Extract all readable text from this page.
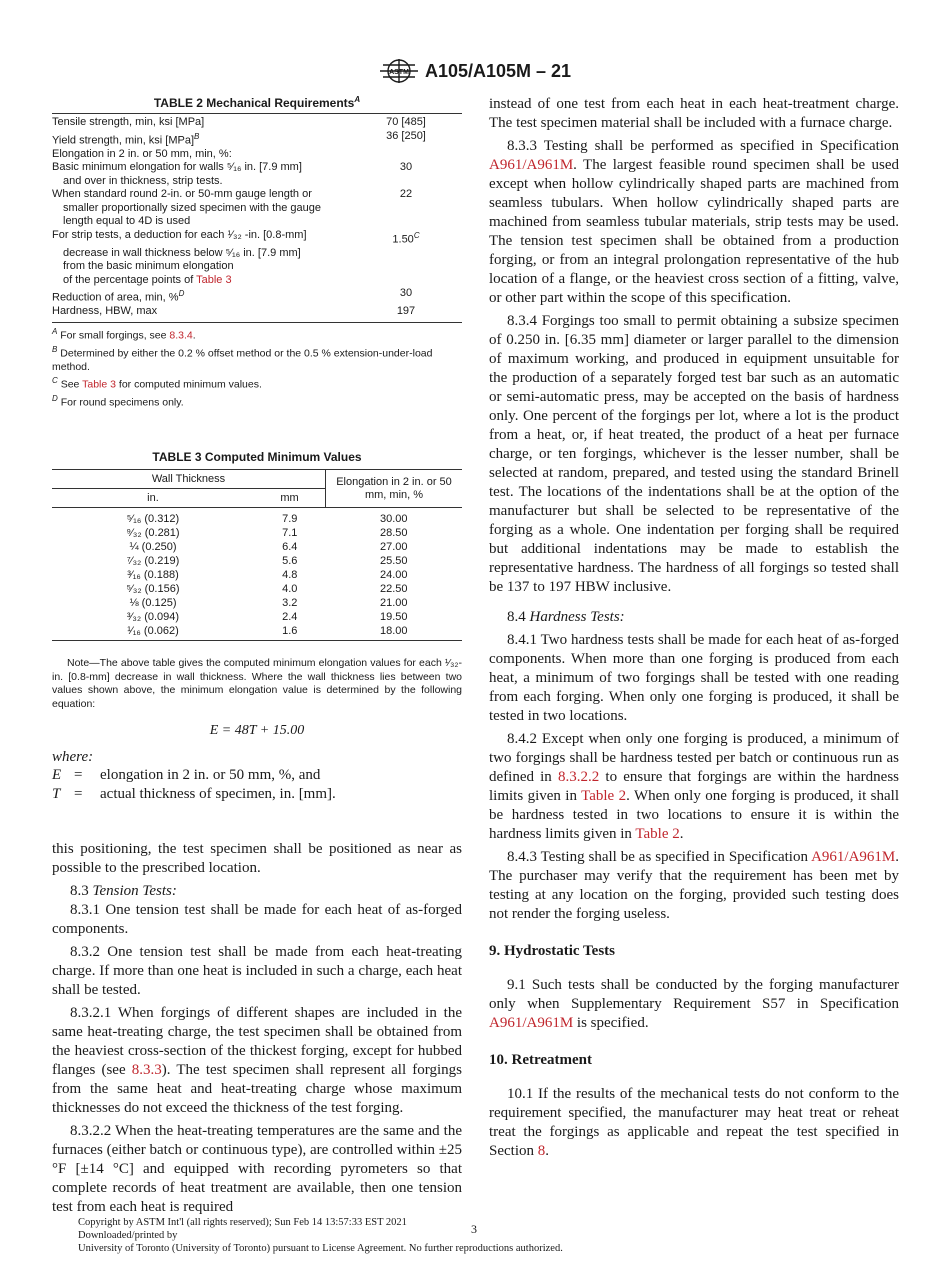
ASTM A105/A105M – 21
TABLE 2 Mechanical Requirements$^A$
Tensile strength, min, ksi [MPa]	70 [485]
Yield strength, min, ksi [MPa]$^B$	36 [250]
Elongation in 2 in. or 50 mm, min, %:
Basic minimum elongation for walls ⁵⁄₁₆ in. [7.9 mm]	30
and over in thickness, strip tests.
When standard round 2-in. or 50-mm gauge length or	22
smaller proportionally sized specimen with the gauge
length equal to 4D is used
For strip tests, a deduction for each ¹⁄₃₂ -in. [0.8-mm]	$1.50^C$
decrease in wall thickness below ⁵⁄₁₆ in. [7.9 mm]
from the basic minimum elongation
of the percentage points of Table 3
Reduction of area, min, %$^D$	30
Hardness, HBW, max	197
$^A$ For small forgings, see 8.3.4.
$^B$ Determined by either the 0.2 % offset method or the 0.5 % extension-under-load method.
$^C$ See Table 3 for computed minimum values.
$^D$ For round specimens only.
TABLE 3 Computed Minimum Values
Wall Thickness		Elongation in 2 in. or 50 mm, min, %
in.	mm	
⁵⁄₁₆ (0.312)	7.9	30.00
⁹⁄₃₂ (0.281)	7.1	28.50
¼ (0.250)	6.4	27.00
⁷⁄₃₂ (0.219)	5.6	25.50
³⁄₁₆ (0.188)	4.8	24.00
⁵⁄₃₂ (0.156)	4.0	22.50
⅛ (0.125)	3.2	21.00
³⁄₃₂ (0.094)	2.4	19.50
¹⁄₁₆ (0.062)	1.6	18.00
Note—The above table gives the computed minimum elongation values for each ¹⁄₃₂-in. [0.8-mm] decrease in wall thickness. Where the wall thickness lies between two values shown above, the minimum elongation value is determined by the following equation:
E = 48T + 15.00
where:
E =	elongation in 2 in. or 50 mm, %, and
T =	actual thickness of specimen, in. [mm].

this positioning, the test specimen shall be positioned as near as possible to the prescribed location.

8.3 Tension Tests:

8.3.1 One tension test shall be made for each heat of as-forged components.

8.3.2 One tension test shall be made from each heat-treating charge. If more than one heat is included in such a charge, each heat shall be tested.

8.3.2.1 When forgings of different shapes are included in the same heat-treating charge, the test specimen shall be obtained from the heaviest cross-section of the thickest forging, except for hubbed flanges (see 8.3.3). The test specimen shall represent all forgings from the same heat and heat-treating charge whose maximum thicknesses do not exceed the thickness of the test forging.

8.3.2.2 When the heat-treating temperatures are the same and the furnaces (either batch or continuous type), are controlled within ±25 °F [±14 °C] and equipped with recording pyrometers so that complete records of heat treatment are available, then one tension test from each heat is required

instead of one test from each heat in each heat-treatment charge. The test specimen material shall be included with a furnace charge.

8.3.3 Testing shall be performed as specified in Specification A961/A961M. The largest feasible round specimen shall be used except when hollow cylindrically shaped parts are machined from seamless tubulars. When hollow cylindrically shaped parts are machined from seamless tubular materials, strip tests may be used. The tension test specimen shall be obtained from a production forging, or from an integral prolongation representative of the hub location of a flange, or the heaviest cross section of a fitting, valve, or other part within the scope of this specification.

8.3.4 Forgings too small to permit obtaining a subsize specimen of 0.250 in. [6.35 mm] diameter or larger parallel to the dimension of maximum working, and produced in equipment unsuitable for the production of a separately forged test bar such as an automatic or semi-automatic press, may be accepted on the basis of hardness only. One percent of the forgings per lot, where a lot is the product from a heat, or, if heat treated, the product of a heat per furnace charge, or ten forgings, whichever is the lesser number, shall be selected at random, prepared, and tested using the standard Brinell test. The locations of the indentations shall be at the option of the manufacturer but shall be selected to be representative of the forging as a whole. One indentation per forging shall be required but additional indentations may be made to establish the representative hardness. The hardness of all forgings so tested shall be 137 to 197 HBW inclusive.

8.4 Hardness Tests:

8.4.1 Two hardness tests shall be made for each heat of as-forged components. When more than one forging is produced from each heat, a minimum of two forgings shall be tested with one reading from each forging. When only one forging is produced, it shall be tested in two locations.

8.4.2 Except when only one forging is produced, a minimum of two forgings shall be hardness tested per batch or continuous run as defined in 8.3.2.2 to ensure that forgings are within the hardness limits given in Table 2. When only one forging is produced, it shall be hardness tested in two locations to ensure it is within the hardness limits given in Table 2.

8.4.3 Testing shall be as specified in Specification A961/A961M. The purchaser may verify that the requirement has been met by testing at any location on the forging, provided such testing does not render the forging useless.

9. Hydrostatic Tests

9.1 Such tests shall be conducted by the forging manufacturer only when Supplementary Requirement S57 in Specification A961/A961M is specified.

10. Retreatment

10.1 If the results of the mechanical tests do not conform to the requirement specified, the manufacturer may heat treat or reheat treat the forgings as applicable and repeat the test specified in Section 8.

Copyright by ASTM Int'l (all rights reserved); Sun Feb 14 13:57:33 EST 2021
Downloaded/printed by
University of Toronto (University of Toronto) pursuant to License Agreement. No further reproductions authorized.
3
